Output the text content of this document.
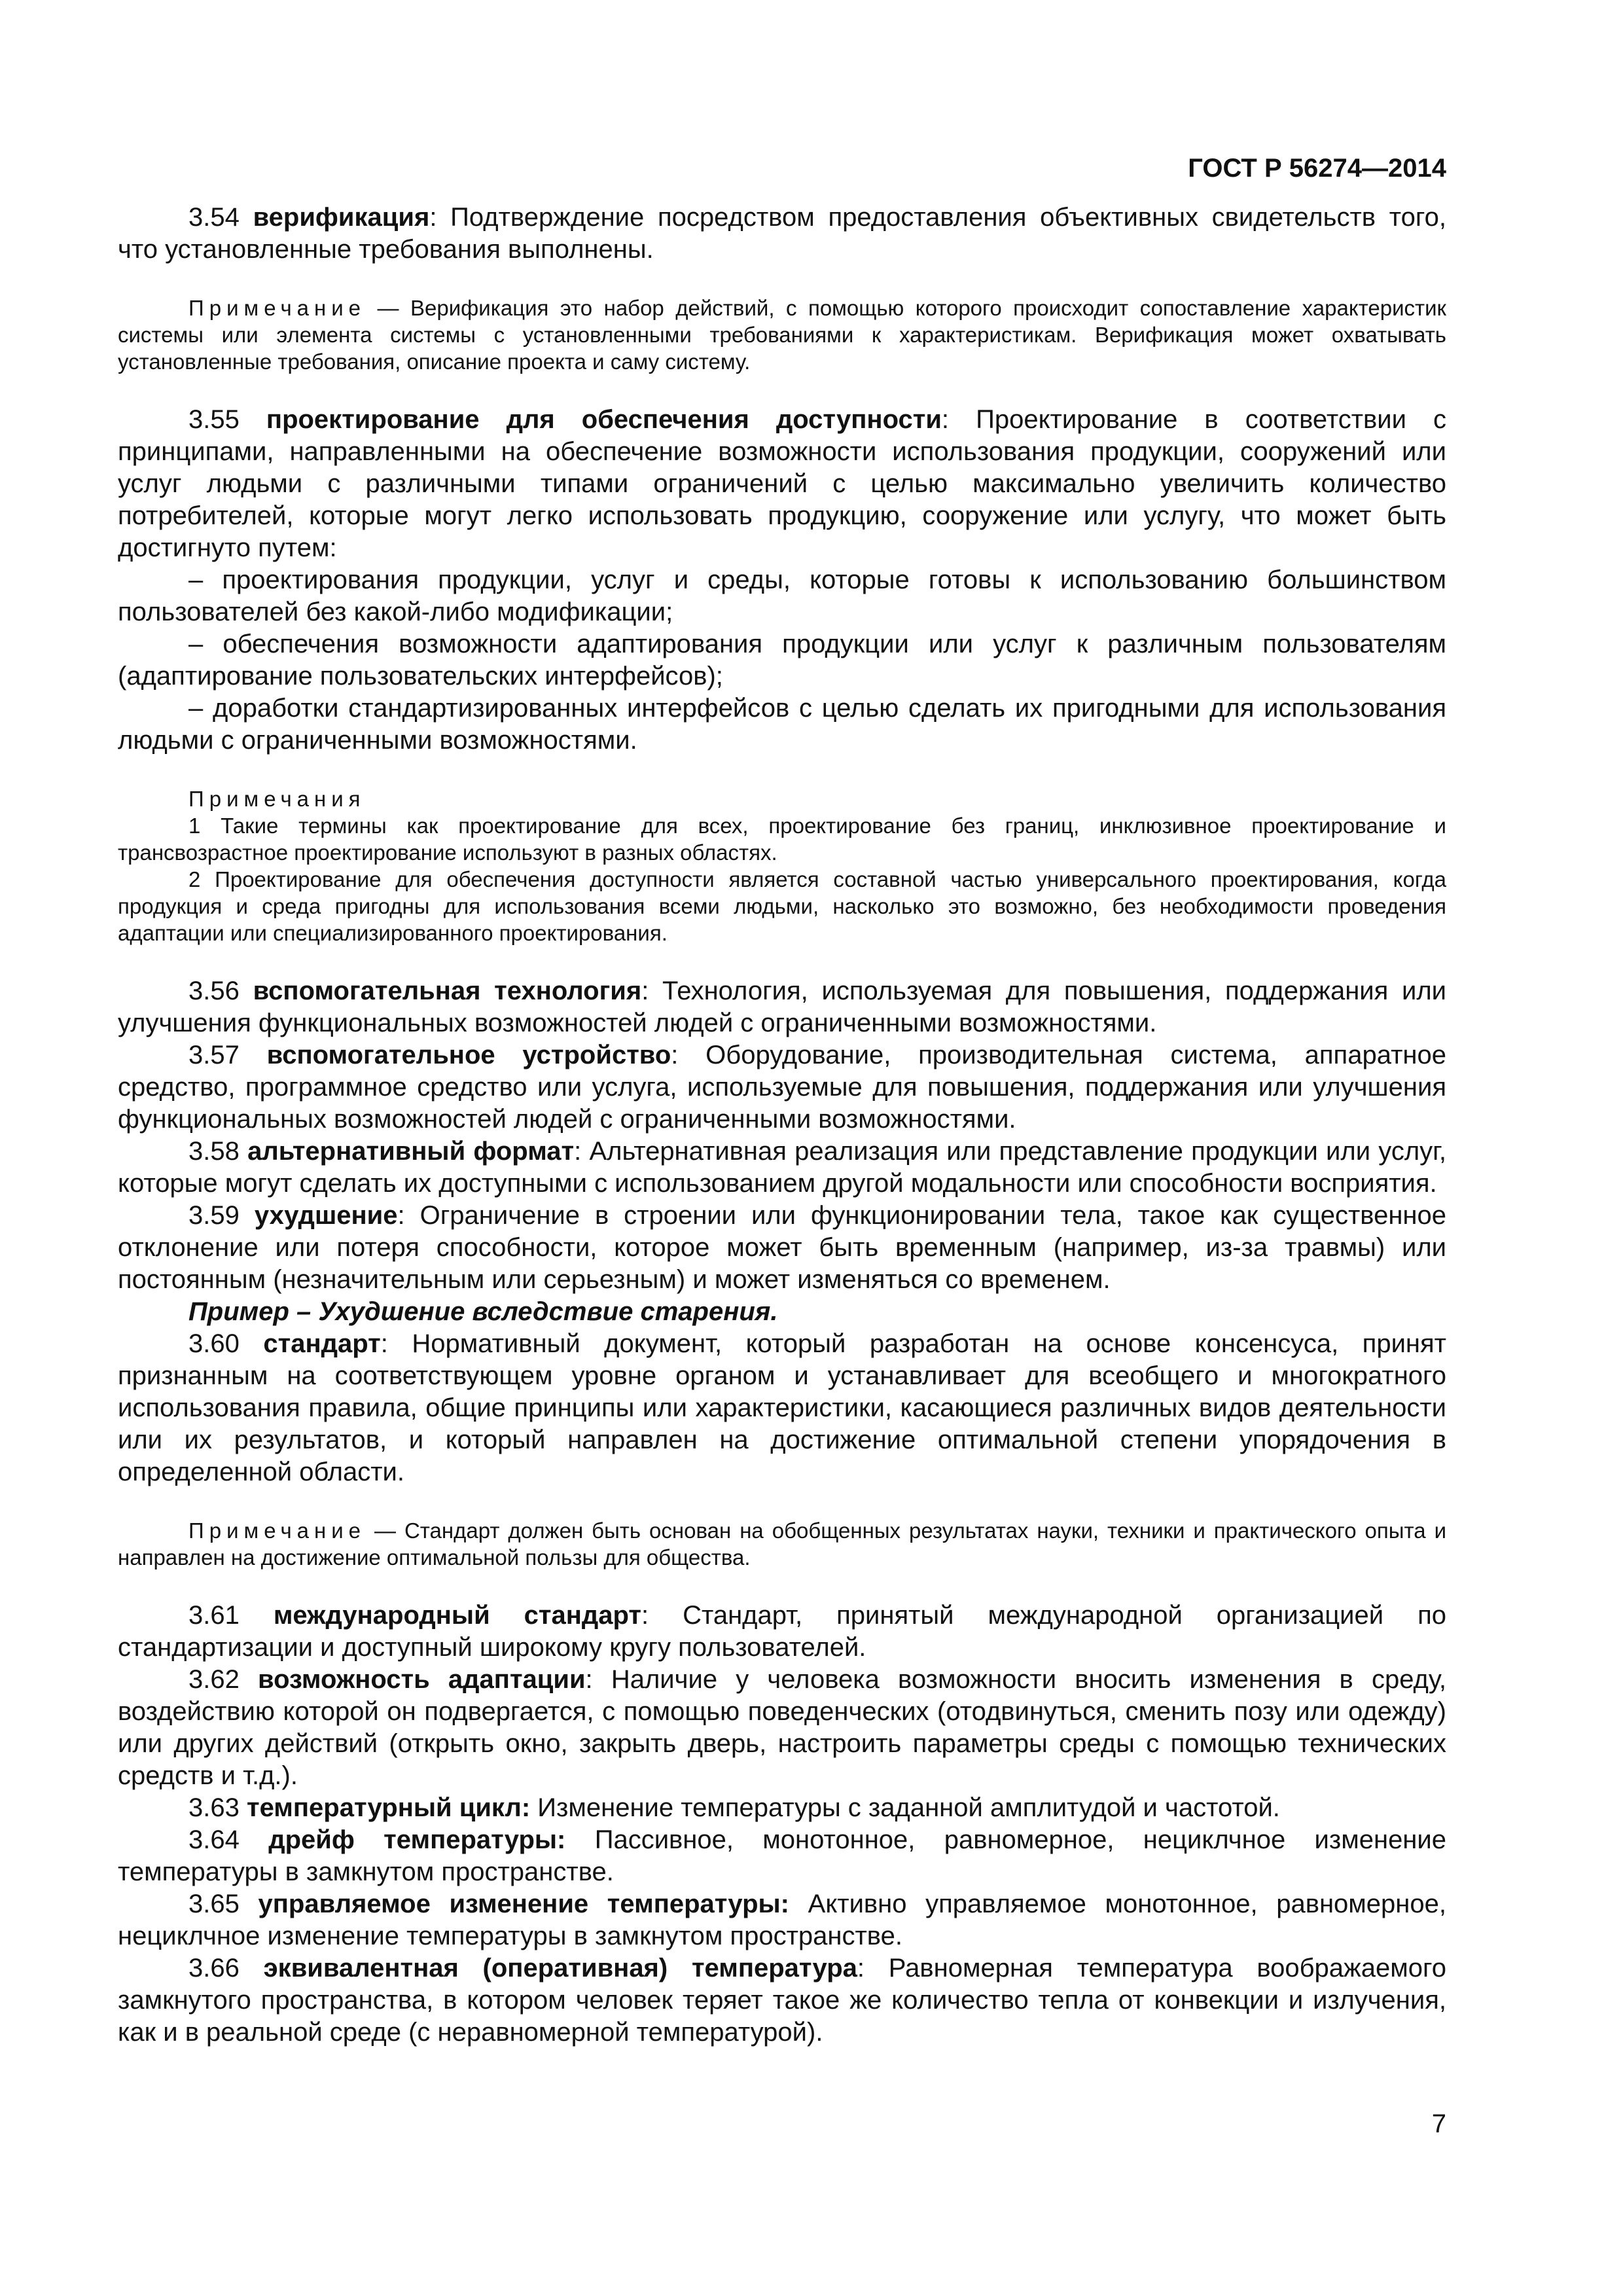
ГОСТ Р 56274—2014

3.54 верификация: Подтверждение посредством предоставления объективных свидетельств того, что установленные требования выполнены.

Примечание — Верификация это набор действий, с помощью которого происходит сопоставление характеристик системы или элемента системы с установленными требованиями к характеристикам. Верификация может охватывать установленные требования, описание проекта и саму систему.

3.55 проектирование для обеспечения доступности: Проектирование в соответствии с принципами, направленными на обеспечение возможности использования продукции, сооружений или услуг людьми с различными типами ограничений с целью максимально увеличить количество потребителей, которые могут легко использовать продукцию, сооружение или услугу, что может быть достигнуто путем:

– проектирования продукции, услуг и среды, которые готовы к использованию большинством пользователей без какой-либо модификации;

– обеспечения возможности адаптирования продукции или услуг к различным пользователям (адаптирование пользовательских интерфейсов);

– доработки стандартизированных интерфейсов с целью сделать их пригодными для использования людьми с ограниченными возможностями.

Примечания

1 Такие термины как проектирование для всех, проектирование без границ, инклюзивное проектирование и трансвозрастное проектирование используют в разных областях.

2 Проектирование для обеспечения доступности является составной частью универсального проектирования, когда продукция и среда пригодны для использования всеми людьми, насколько это возможно, без необходимости проведения адаптации или специализированного проектирования.

3.56 вспомогательная технология: Технология, используемая для повышения, поддержания или улучшения функциональных возможностей людей с ограниченными возможностями.

3.57 вспомогательное устройство: Оборудование, производительная система, аппаратное средство, программное средство или услуга, используемые для повышения, поддержания или улучшения функциональных возможностей людей с ограниченными возможностями.

3.58 альтернативный формат: Альтернативная реализация или представление продукции или услуг, которые могут сделать их доступными с использованием другой модальности или способности восприятия.

3.59 ухудшение: Ограничение в строении или функционировании тела, такое как существенное отклонение или потеря способности, которое может быть временным (например, из-за травмы) или постоянным (незначительным или серьезным) и может изменяться со временем.

Пример – Ухудшение вследствие старения.

3.60 стандарт: Нормативный документ, который разработан на основе консенсуса, принят признанным на соответствующем уровне органом и устанавливает для всеобщего и многократного использования правила, общие принципы или характеристики, касающиеся различных видов деятельности или их результатов, и который направлен на достижение оптимальной степени упорядочения в определенной области.

Примечание — Стандарт должен быть основан на обобщенных результатах науки, техники и практического опыта и направлен на достижение оптимальной пользы для общества.

3.61 международный стандарт: Стандарт, принятый международной организацией по стандартизации и доступный широкому кругу пользователей.

3.62 возможность адаптации: Наличие у человека возможности вносить изменения в среду, воздействию которой он подвергается, с помощью поведенческих (отодвинуться, сменить позу или одежду) или других действий (открыть окно, закрыть дверь, настроить параметры среды с помощью технических средств и т.д.).

3.63 температурный цикл: Изменение температуры с заданной амплитудой и частотой.

3.64 дрейф температуры: Пассивное, монотонное, равномерное, нециклчное изменение температуры в замкнутом пространстве.

3.65 управляемое изменение температуры: Активно управляемое монотонное, равномерное, нециклчное изменение температуры в замкнутом пространстве.

3.66 эквивалентная (оперативная) температура: Равномерная температура воображаемого замкнутого пространства, в котором человек теряет такое же количество тепла от конвекции и излучения, как и в реальной среде (с неравномерной температурой).

7
